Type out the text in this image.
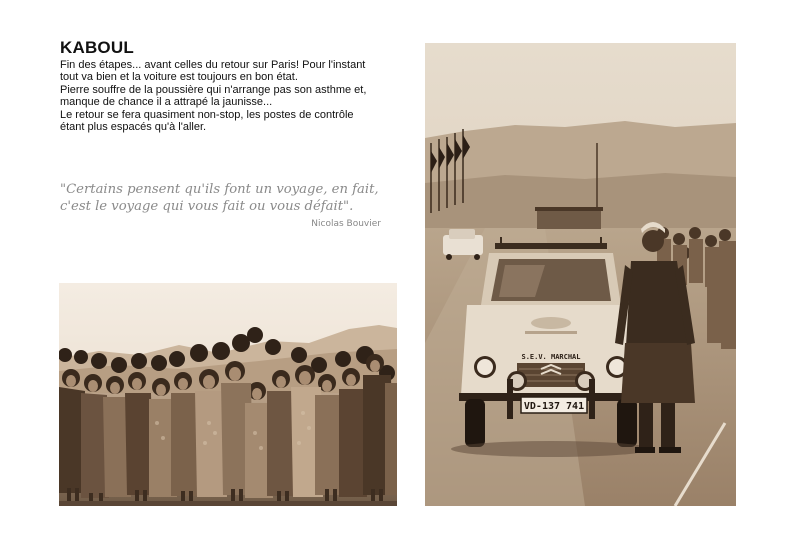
KABOUL
Fin des étapes... avant celles du retour sur Paris! Pour l'instant
tout va bien et la voiture est toujours en bon état.
Pierre souffre de la poussière qui n'arrange pas son asthme et,
manque de chance il a attrapé la jaunisse...
Le retour se fera quasiment non-stop, les postes de contrôle
étant plus espacés qu'à l'aller.
"Certains pensent qu'ils font un voyage, en fait,
c'est le voyage qui vous fait ou vous défait".
Nicolas Bouvier
S.E.V. MARCHAL
VD-137 741
